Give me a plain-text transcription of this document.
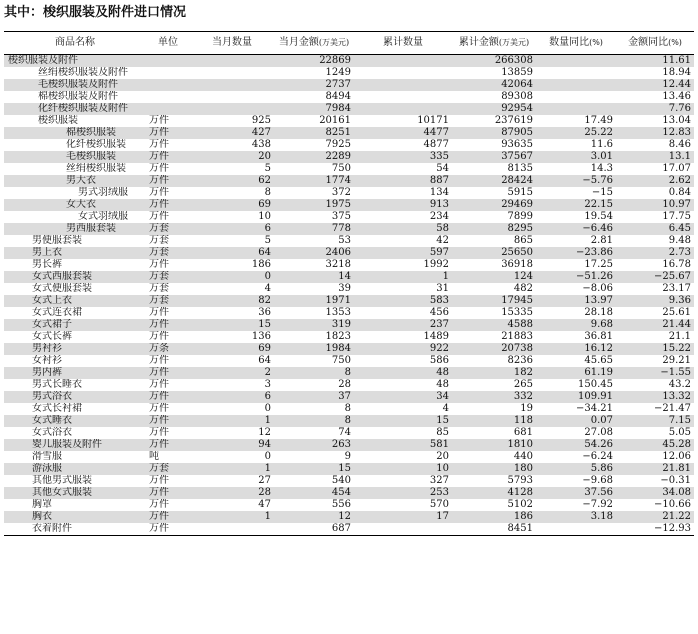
其中：梭织服装及附件进口情况
商品名称	单位	当月数量	当月金额(万美元)	累计数量	累计金额(万美元)	数量同比(%)	金额同比(%)
梭织服装及附件			22869		266308		11.61
丝绢梭织服装及附件			1249		13859		18.94
毛梭织服装及附件			2737		42064		12.44
棉梭织服装及附件			8494		89308		13.46
化纤梭织服装及附件			7984		92954		7.76
梭织服装	万件	925	20161	10171	237619	17.49	13.04
棉梭织服装	万件	427	8251	4477	87905	25.22	12.83
化纤梭织服装	万件	438	7925	4877	93635	11.6	8.46
毛梭织服装	万件	20	2289	335	37567	3.01	13.1
丝绢梭织服装	万件	5	750	54	8135	14.3	17.07
男大衣	万件	62	1774	887	28424	−5.76	2.62
男式羽绒服	万件	8	372	134	5915	−15	0.84
女大衣	万件	69	1975	913	29469	22.15	10.97
女式羽绒服	万件	10	375	234	7899	19.54	17.75
男西服套装	万套	6	778	58	8295	−6.46	6.45
男便服套装	万套	5	53	42	865	2.81	9.48
男上衣	万套	64	2406	597	25650	−23.86	2.73
男长裤	万件	186	3218	1992	36918	17.25	16.78
女式西服套装	万套	0	14	1	124	−51.26	−25.67
女式便服套装	万套	4	39	31	482	−8.06	23.17
女式上衣	万套	82	1971	583	17945	13.97	9.36
女式连衣裙	万件	36	1353	456	15335	28.18	25.61
女式裙子	万件	15	319	237	4588	9.68	21.44
女式长裤	万件	136	1823	1489	21883	36.81	21.1
男衬衫	万条	69	1984	922	20738	16.12	15.22
女衬衫	万件	64	750	586	8236	45.65	29.21
男内裤	万件	2	8	48	182	61.19	−1.55
男式长睡衣	万件	3	28	48	265	150.45	43.2
男式浴衣	万件	6	37	34	332	109.91	13.32
女式长衬裙	万件	0	8	4	19	−34.21	−21.47
女式睡衣	万件	1	8	15	118	0.07	7.15
女式浴衣	万件	12	74	85	681	27.08	5.05
婴儿服装及附件	万件	94	263	581	1810	54.26	45.28
滑雪服	吨	0	9	20	440	−6.24	12.06
游泳服	万套	1	15	10	180	5.86	21.81
其他男式服装	万件	27	540	327	5793	−9.68	−0.31
其他女式服装	万件	28	454	253	4128	37.56	34.08
胸罩	万件	47	556	570	5102	−7.92	−10.66
胸衣	万件	1	12	17	186	3.18	21.22
衣着附件	万件		687		8451		−12.93
